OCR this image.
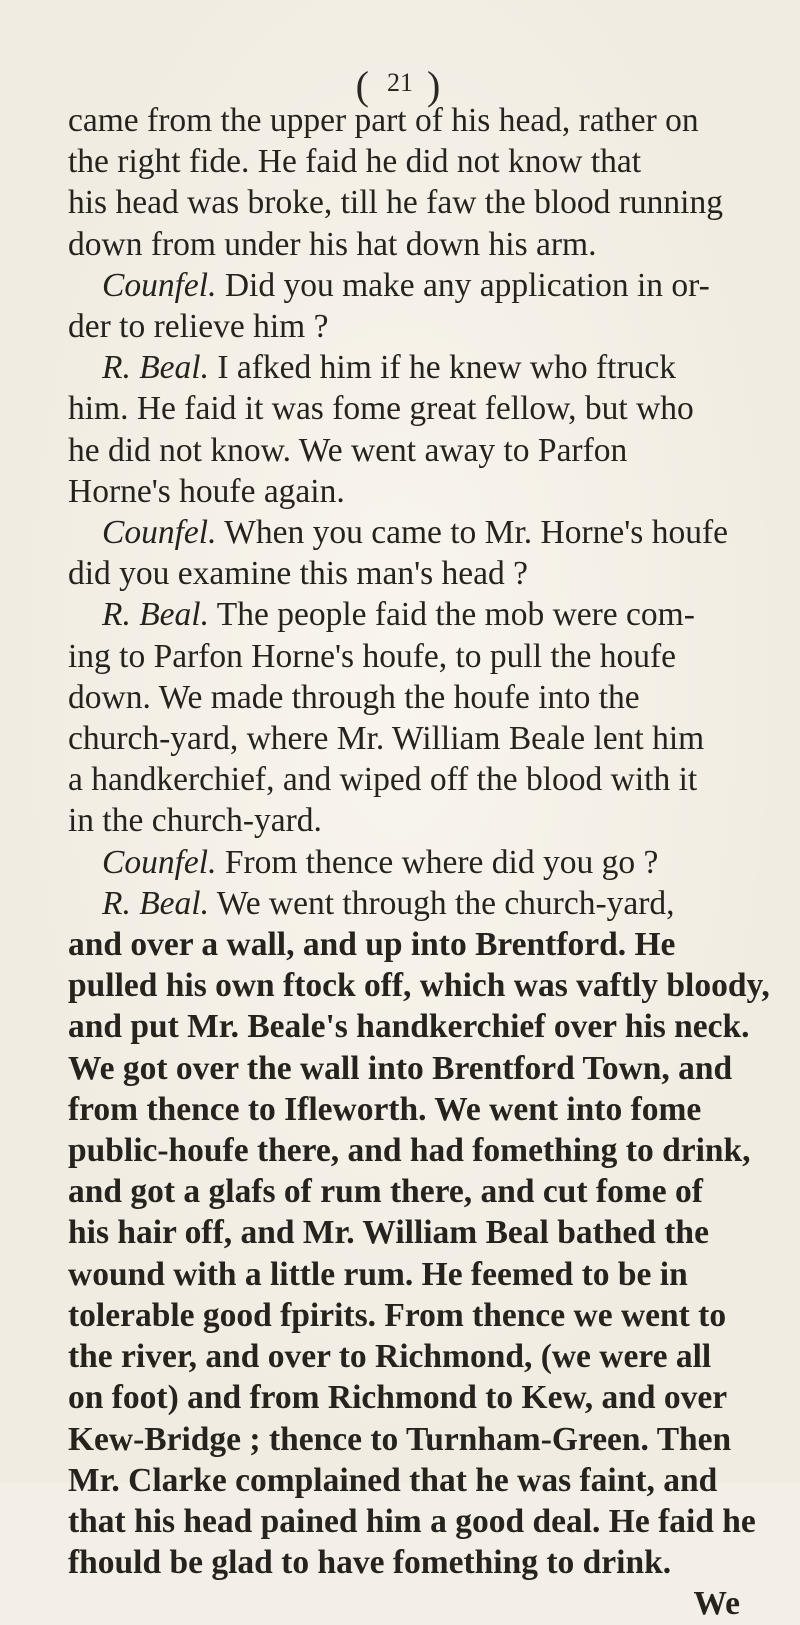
( $^{21}$ )
came from the upper part of his head, rather on
the right fide. He faid he did not know that
his head was broke, till he faw the blood running
down from under his hat down his arm.
Counfel. Did you make any application in or-
der to relieve him ?
R. Beal. I afked him if he knew who ftruck
him. He faid it was fome great fellow, but who
he did not know. We went away to Parfon
Horne's houfe again.
Counfel. When you came to Mr. Horne's houfe
did you examine this man's head ?
R. Beal. The people faid the mob were com-
ing to Parfon Horne's houfe, to pull the houfe
down. We made through the houfe into the
church-yard, where Mr. William Beale lent him
a handkerchief, and wiped off the blood with it
in the church-yard.
Counfel. From thence where did you go ?
R. Beal. We went through the church-yard,
and over a wall, and up into Brentford. He
pulled his own ftock off, which was vaftly bloody,
and put Mr. Beale's handkerchief over his neck.
We got over the wall into Brentford Town, and
from thence to Ifleworth. We went into fome
public-houfe there, and had fomething to drink,
and got a glafs of rum there, and cut fome of
his hair off, and Mr. William Beal bathed the
wound with a little rum. He feemed to be in
tolerable good fpirits. From thence we went to
the river, and over to Richmond, (we were all
on foot) and from Richmond to Kew, and over
Kew-Bridge ; thence to Turnham-Green. Then
Mr. Clarke complained that he was faint, and
that his head pained him a good deal. He faid he
fhould be glad to have fomething to drink.
We
